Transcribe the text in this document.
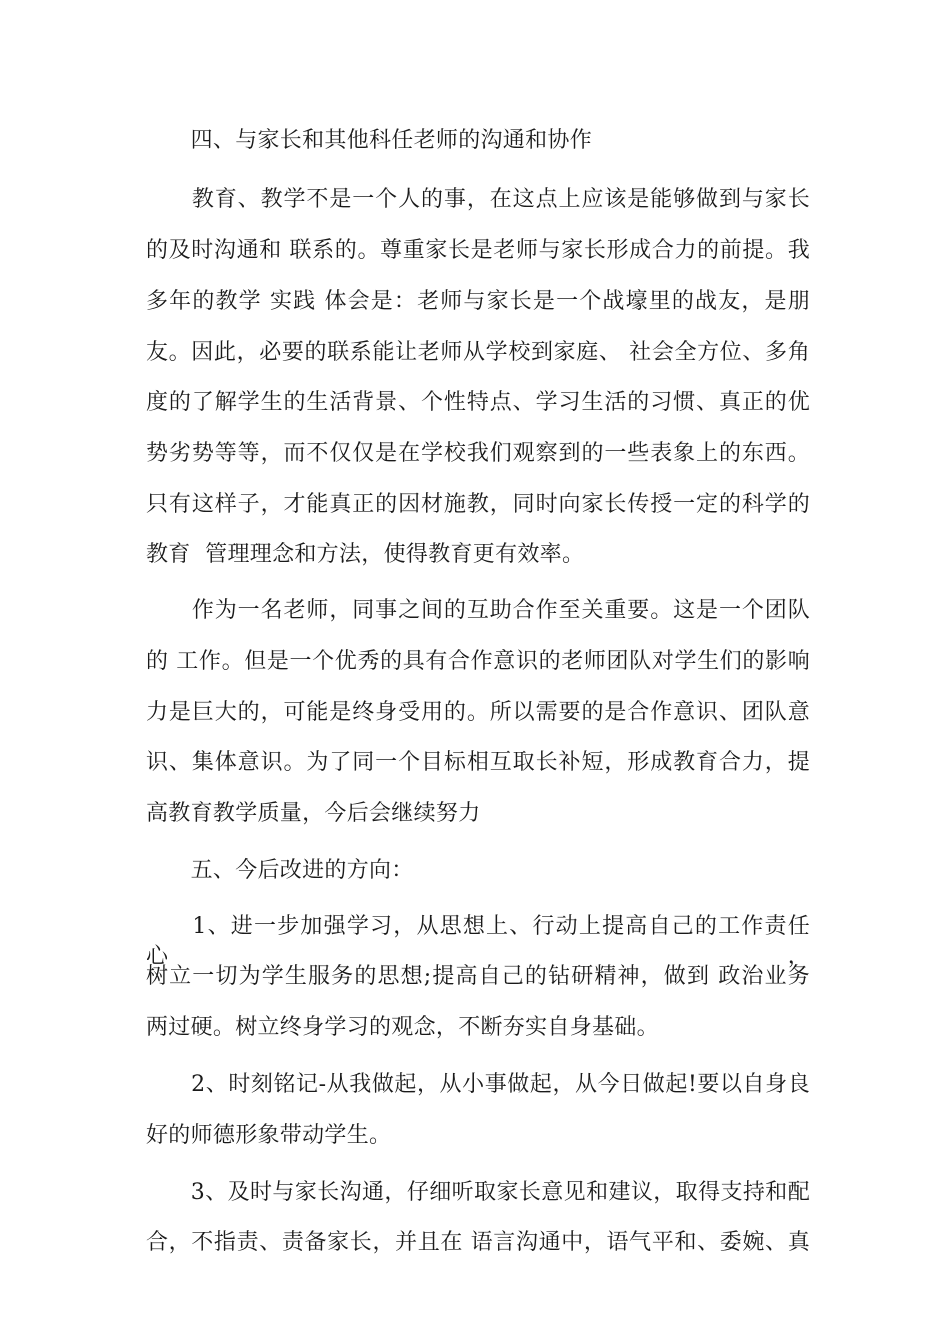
　　四、与家长和其他科任老师的沟通和协作
　　教育、教学不是一个人的事，在这点上应该是能够做到与家长
的及时沟通和 联系的。尊重家长是老师与家长形成合力的前提。我
多年的教学 实践 体会是：老师与家长是一个战壕里的战友，是朋
友。因此，必要的联系能让老师从学校到家庭、 社会全方位、多角
度的了解学生的生活背景、个性特点、学习生活的习惯、真正的优
势劣势等等，而不仅仅是在学校我们观察到的一些表象上的东西。
只有这样子，才能真正的因材施教，同时向家长传授一定的科学的
教育  管理理念和方法，使得教育更有效率。
　　作为一名老师，同事之间的互助合作至关重要。这是一个团队
的 工作。但是一个优秀的具有合作意识的老师团队对学生们的影响
力是巨大的，可能是终身受用的。所以需要的是合作意识、团队意
识、集体意识。为了同一个目标相互取长补短，形成教育合力，提
高教育教学质量，今后会继续努力
　　五、今后改进的方向：
　　1、进一步加强学习，从思想上、行动上提高自己的工作责任心，
树立一切为学生服务的思想;提高自己的钻研精神，做到 政治业务
两过硬。树立终身学习的观念，不断夯实自身基础。
　　2、时刻铭记-从我做起，从小事做起，从今日做起!要以自身良
好的师德形象带动学生。
　　3、及时与家长沟通，仔细听取家长意见和建议，取得支持和配
合，不指责、责备家长，并且在 语言沟通中，语气平和、委婉、真
